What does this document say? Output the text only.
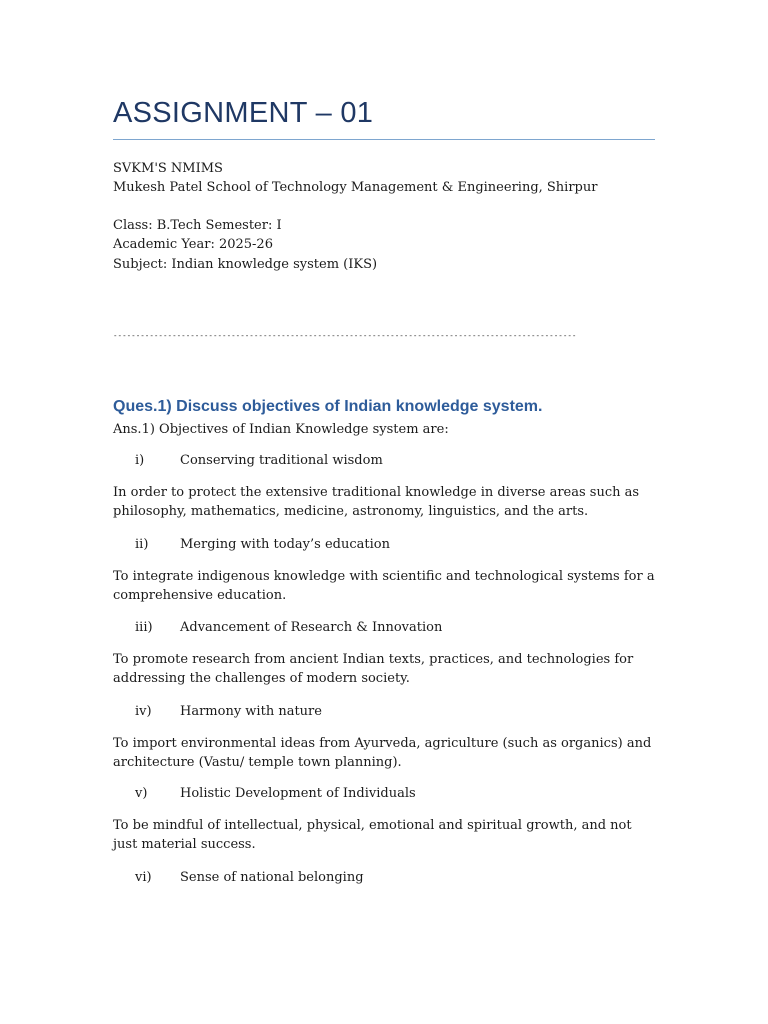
ASSIGNMENT – 01
SVKM'S NMIMS
Mukesh Patel School of Technology Management & Engineering, Shirpur
Class: B.Tech Semester: I
Academic Year: 2025-26
Subject: Indian knowledge system (IKS)
------------------------------------------------------------------------------------------------------
Ques.1) Discuss objectives of Indian knowledge system.
Ans.1) Objectives of Indian Knowledge system are:
i)	Conserving traditional wisdom
In order to protect the extensive traditional knowledge in diverse areas such as philosophy, mathematics, medicine, astronomy, linguistics, and the arts.
ii) Merging with today’s education
To integrate indigenous knowledge with scientific and technological systems for a comprehensive education.
iii) Advancement of Research & Innovation
To promote research from ancient Indian texts, practices, and technologies for addressing the challenges of modern society.
iv) Harmony with nature
To import environmental ideas from Ayurveda, agriculture (such as organics) and architecture (Vastu/ temple town planning).
v)	Holistic Development of Individuals
To be mindful of intellectual, physical, emotional and spiritual growth, and not just material success.
vi) Sense of national belonging
